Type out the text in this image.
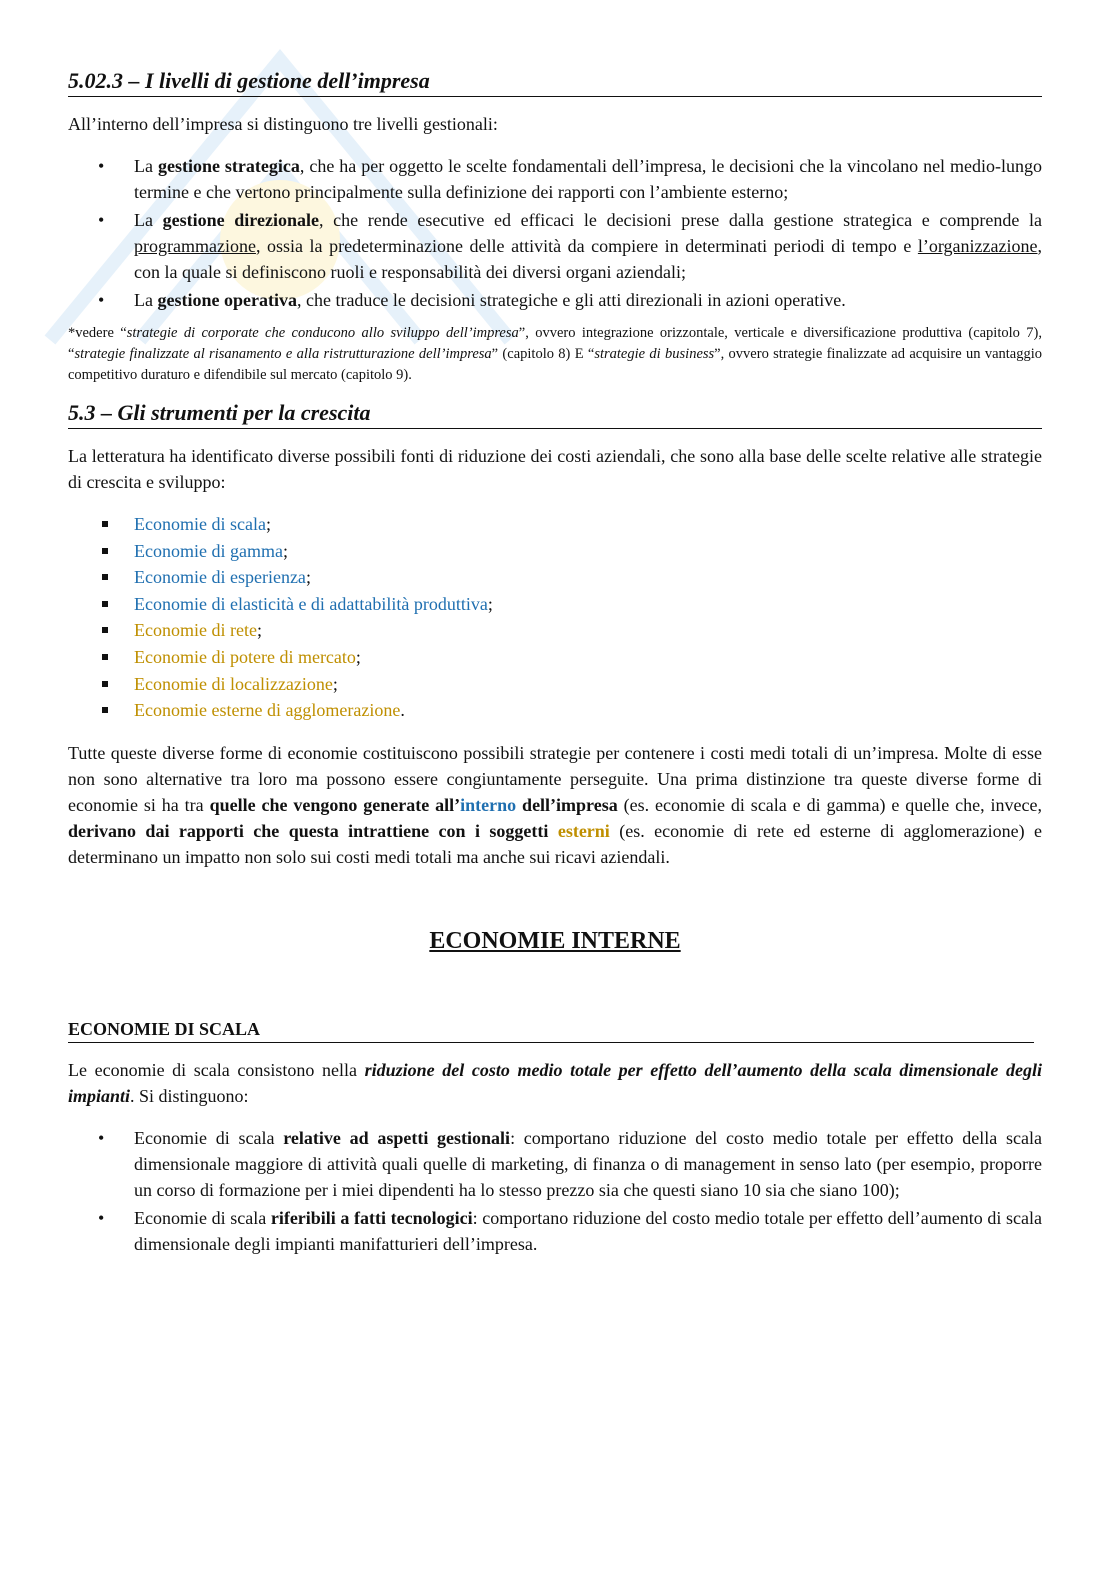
5.02.3 – I livelli di gestione dell’impresa

All’interno dell’impresa si distinguono tre livelli gestionali:

• La gestione strategica, che ha per oggetto le scelte fondamentali dell’impresa, le decisioni che la vincolano nel medio-lungo termine e che vertono principalmente sulla definizione dei rapporti con l’ambiente esterno;
• La gestione direzionale, che rende esecutive ed efficaci le decisioni prese dalla gestione strategica e comprende la programmazione, ossia la predeterminazione delle attività da compiere in determinati periodi di tempo e l’organizzazione, con la quale si definiscono ruoli e responsabilità dei diversi organi aziendali;
• La gestione operativa, che traduce le decisioni strategiche e gli atti direzionali in azioni operative.

*vedere “strategie di corporate che conducono allo sviluppo dell’impresa”, ovvero integrazione orizzontale, verticale e diversificazione produttiva (capitolo 7), “strategie finalizzate al risanamento e alla ristrutturazione dell’impresa” (capitolo 8) E “strategie di business”, ovvero strategie finalizzate ad acquisire un vantaggio competitivo duraturo e difendibile sul mercato (capitolo 9).

5.3 – Gli strumenti per la crescita

La letteratura ha identificato diverse possibili fonti di riduzione dei costi aziendali, che sono alla base delle scelte relative alle strategie di crescita e sviluppo:

Economie di scala;
Economie di gamma;
Economie di esperienza;
Economie di elasticità e di adattabilità produttiva;
Economie di rete;
Economie di potere di mercato;
Economie di localizzazione;
Economie esterne di agglomerazione.

Tutte queste diverse forme di economie costituiscono possibili strategie per contenere i costi medi totali di un’impresa. Molte di esse non sono alternative tra loro ma possono essere congiuntamente perseguite. Una prima distinzione tra queste diverse forme di economie si ha tra quelle che vengono generate all’interno dell’impresa (es. economie di scala e di gamma) e quelle che, invece, derivano dai rapporti che questa intrattiene con i soggetti esterni (es. economie di rete ed esterne di agglomerazione) e determinano un impatto non solo sui costi medi totali ma anche sui ricavi aziendali.

ECONOMIE INTERNE
ECONOMIE DI SCALA

Le economie di scala consistono nella riduzione del costo medio totale per effetto dell’aumento della scala dimensionale degli impianti. Si distinguono:

• Economie di scala relative ad aspetti gestionali: comportano riduzione del costo medio totale per effetto della scala dimensionale maggiore di attività quali quelle di marketing, di finanza o di management in senso lato (per esempio, proporre un corso di formazione per i miei dipendenti ha lo stesso prezzo sia che questi siano 10 sia che siano 100);
• Economie di scala riferibili a fatti tecnologici: comportano riduzione del costo medio totale per effetto dell’aumento di scala dimensionale degli impianti manifatturieri dell’impresa.
